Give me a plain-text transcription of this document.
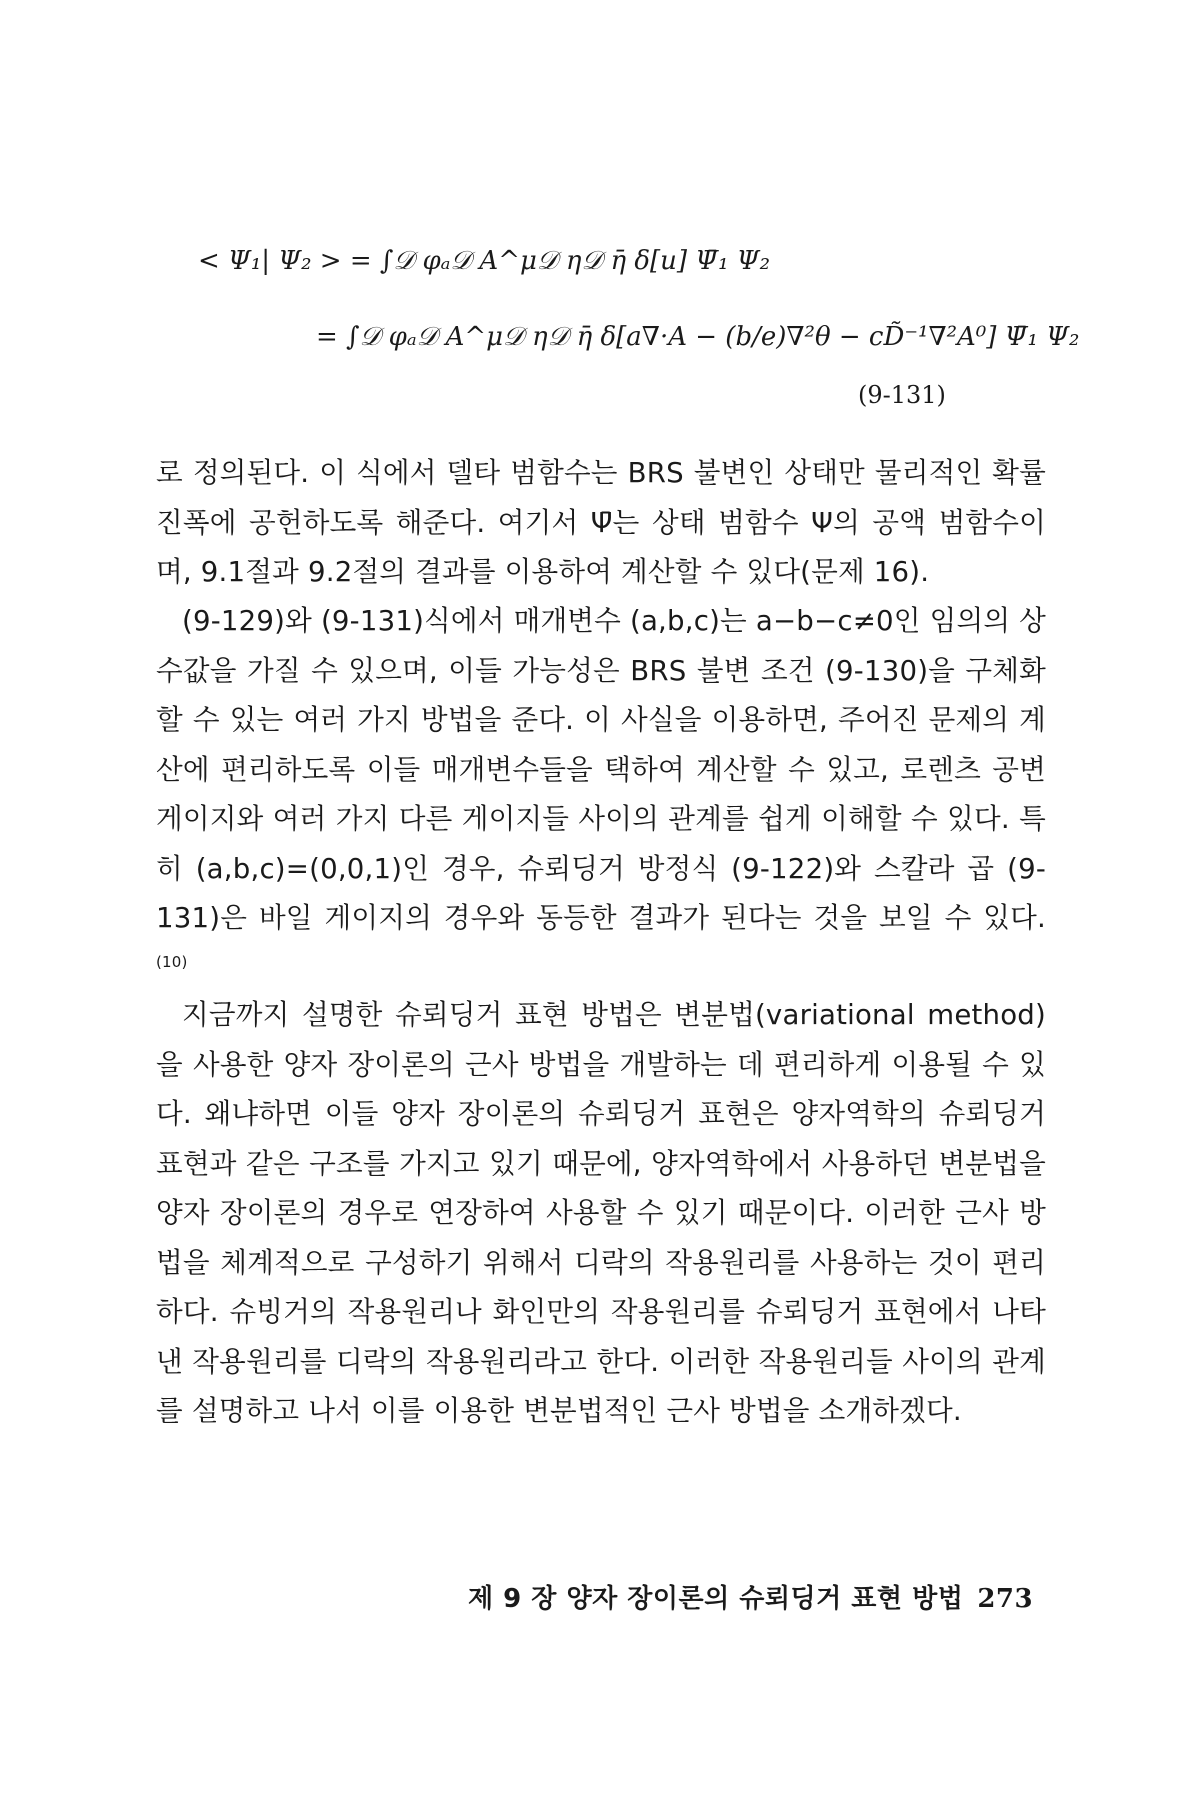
< Ψ₁| Ψ₂ > = ∫𝒟 φₐ𝒟 A^μ𝒟 η𝒟 η̄ δ[u] Ψ̄₁ Ψ₂
= ∫𝒟 φₐ𝒟 A^μ𝒟 η𝒟 η̄ δ[a∇·A − (b/e)∇²θ − cD̃⁻¹∇²A⁰] Ψ̄₁ Ψ₂
(9-131)

로 정의된다. 이 식에서 델타 범함수는 BRS 불변인 상태만 물리적인 확률 진폭에 공헌하도록 해준다. 여기서 Ψ̄는 상태 범함수 Ψ의 공액 범함수이며, 9.1절과 9.2절의 결과를 이용하여 계산할 수 있다(문제 16).

(9-129)와 (9-131)식에서 매개변수 (a,b,c)는 a−b−c≠0인 임의의 상수값을 가질 수 있으며, 이들 가능성은 BRS 불변 조건 (9-130)을 구체화할 수 있는 여러 가지 방법을 준다. 이 사실을 이용하면, 주어진 문제의 계산에 편리하도록 이들 매개변수들을 택하여 계산할 수 있고, 로렌츠 공변 게이지와 여러 가지 다른 게이지들 사이의 관계를 쉽게 이해할 수 있다. 특히 (a,b,c)=(0,0,1)인 경우, 슈뢰딩거 방정식 (9-122)와 스칼라 곱 (9-131)은 바일 게이지의 경우와 동등한 결과가 된다는 것을 보일 수 있다.$^{(10)}$

지금까지 설명한 슈뢰딩거 표현 방법은 변분법(variational method)을 사용한 양자 장이론의 근사 방법을 개발하는 데 편리하게 이용될 수 있다. 왜냐하면 이들 양자 장이론의 슈뢰딩거 표현은 양자역학의 슈뢰딩거 표현과 같은 구조를 가지고 있기 때문에, 양자역학에서 사용하던 변분법을 양자 장이론의 경우로 연장하여 사용할 수 있기 때문이다. 이러한 근사 방법을 체계적으로 구성하기 위해서 디락의 작용원리를 사용하는 것이 편리하다. 슈빙거의 작용원리나 화인만의 작용원리를 슈뢰딩거 표현에서 나타낸 작용원리를 디락의 작용원리라고 한다. 이러한 작용원리들 사이의 관계를 설명하고 나서 이를 이용한 변분법적인 근사 방법을 소개하겠다.

제 9 장 양자 장이론의 슈뢰딩거 표현 방법 273
